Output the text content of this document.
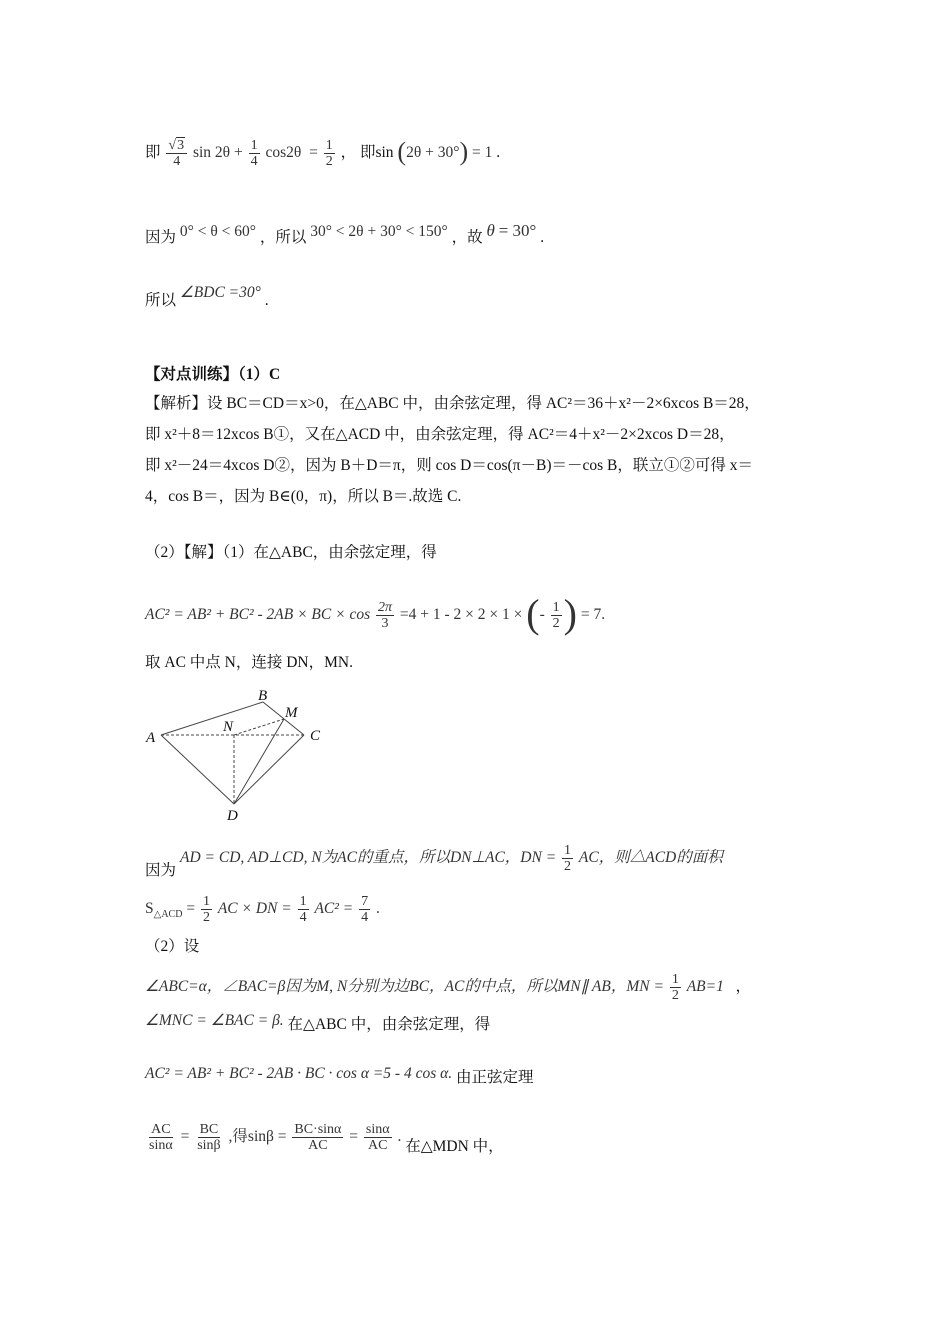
即 $\frac{√3}{4}$ $\sin 2\theta + \frac{1}{4} \cos 2\theta = \frac{1}{2}$ ， 即sin (2θ + 30°) = 1 .
因为 0° < θ < 60° ，所以 30° < 2θ + 30° < 150° ，故 θ = 30° .
所以 ∠BDC =30° .
【对点训练】（1）C
【解析】设 BC＝CD＝x>0，在△ABC 中，由余弦定理，得 AC²＝36＋x²－2×6xcos B＝28，
即 x²＋8＝12xcos B①，又在△ACD 中，由余弦定理，得 AC²＝4＋x²－2×2xcos D＝28，
即 x²－24＝4xcos D②，因为 B＋D＝π，则 cos D＝cos(π－B)＝－cos B，联立①②可得 x＝
4，cos B＝，因为 B∈(0，π)，所以 B＝.故选 C.
（2）【解】（1）在△ABC，由余弦定理，得
AC² = AB² + BC² - 2AB × BC × $\cos \frac{2\pi}{3} =4 + 1 - 2 \times 2 \times 1$ × (- $\frac{1}{2}$ ) = 7.
取 AC 中点 N，连接 DN，MN.
A
B
C
D
N
M
因为
AD = CD, AD⊥CD, N为AC的重点，所以DN⊥AC，DN = $\frac{1}{2}$ AC，则△ACD的面积
$S_{\triangle ACD} = \frac{1}{2}$ AC × DN = $\frac{1}{4} AC^2 = \frac{7}{4}$ .
（2）设
∠ABC=α，∠BAC=β因为M, N分别为边BC，AC的中点，所以MN∥ AB，MN = $\frac{1}{2} AB=1$ ，
∠MNC = ∠BAC = β. 在△ABC 中，由余弦定理，得
AC² = AB² + BC² - 2AB · BC · cos α =5 - 4 cos α. 由正弦定理
$\frac{AC}{\sin\alpha} = \frac{BC}{\sin\beta}$ ,得$\sin\beta = \frac{BC\cdot\sin\alpha}{AC} = \frac{\sin\alpha}{AC}$ . 在△MDN 中，
